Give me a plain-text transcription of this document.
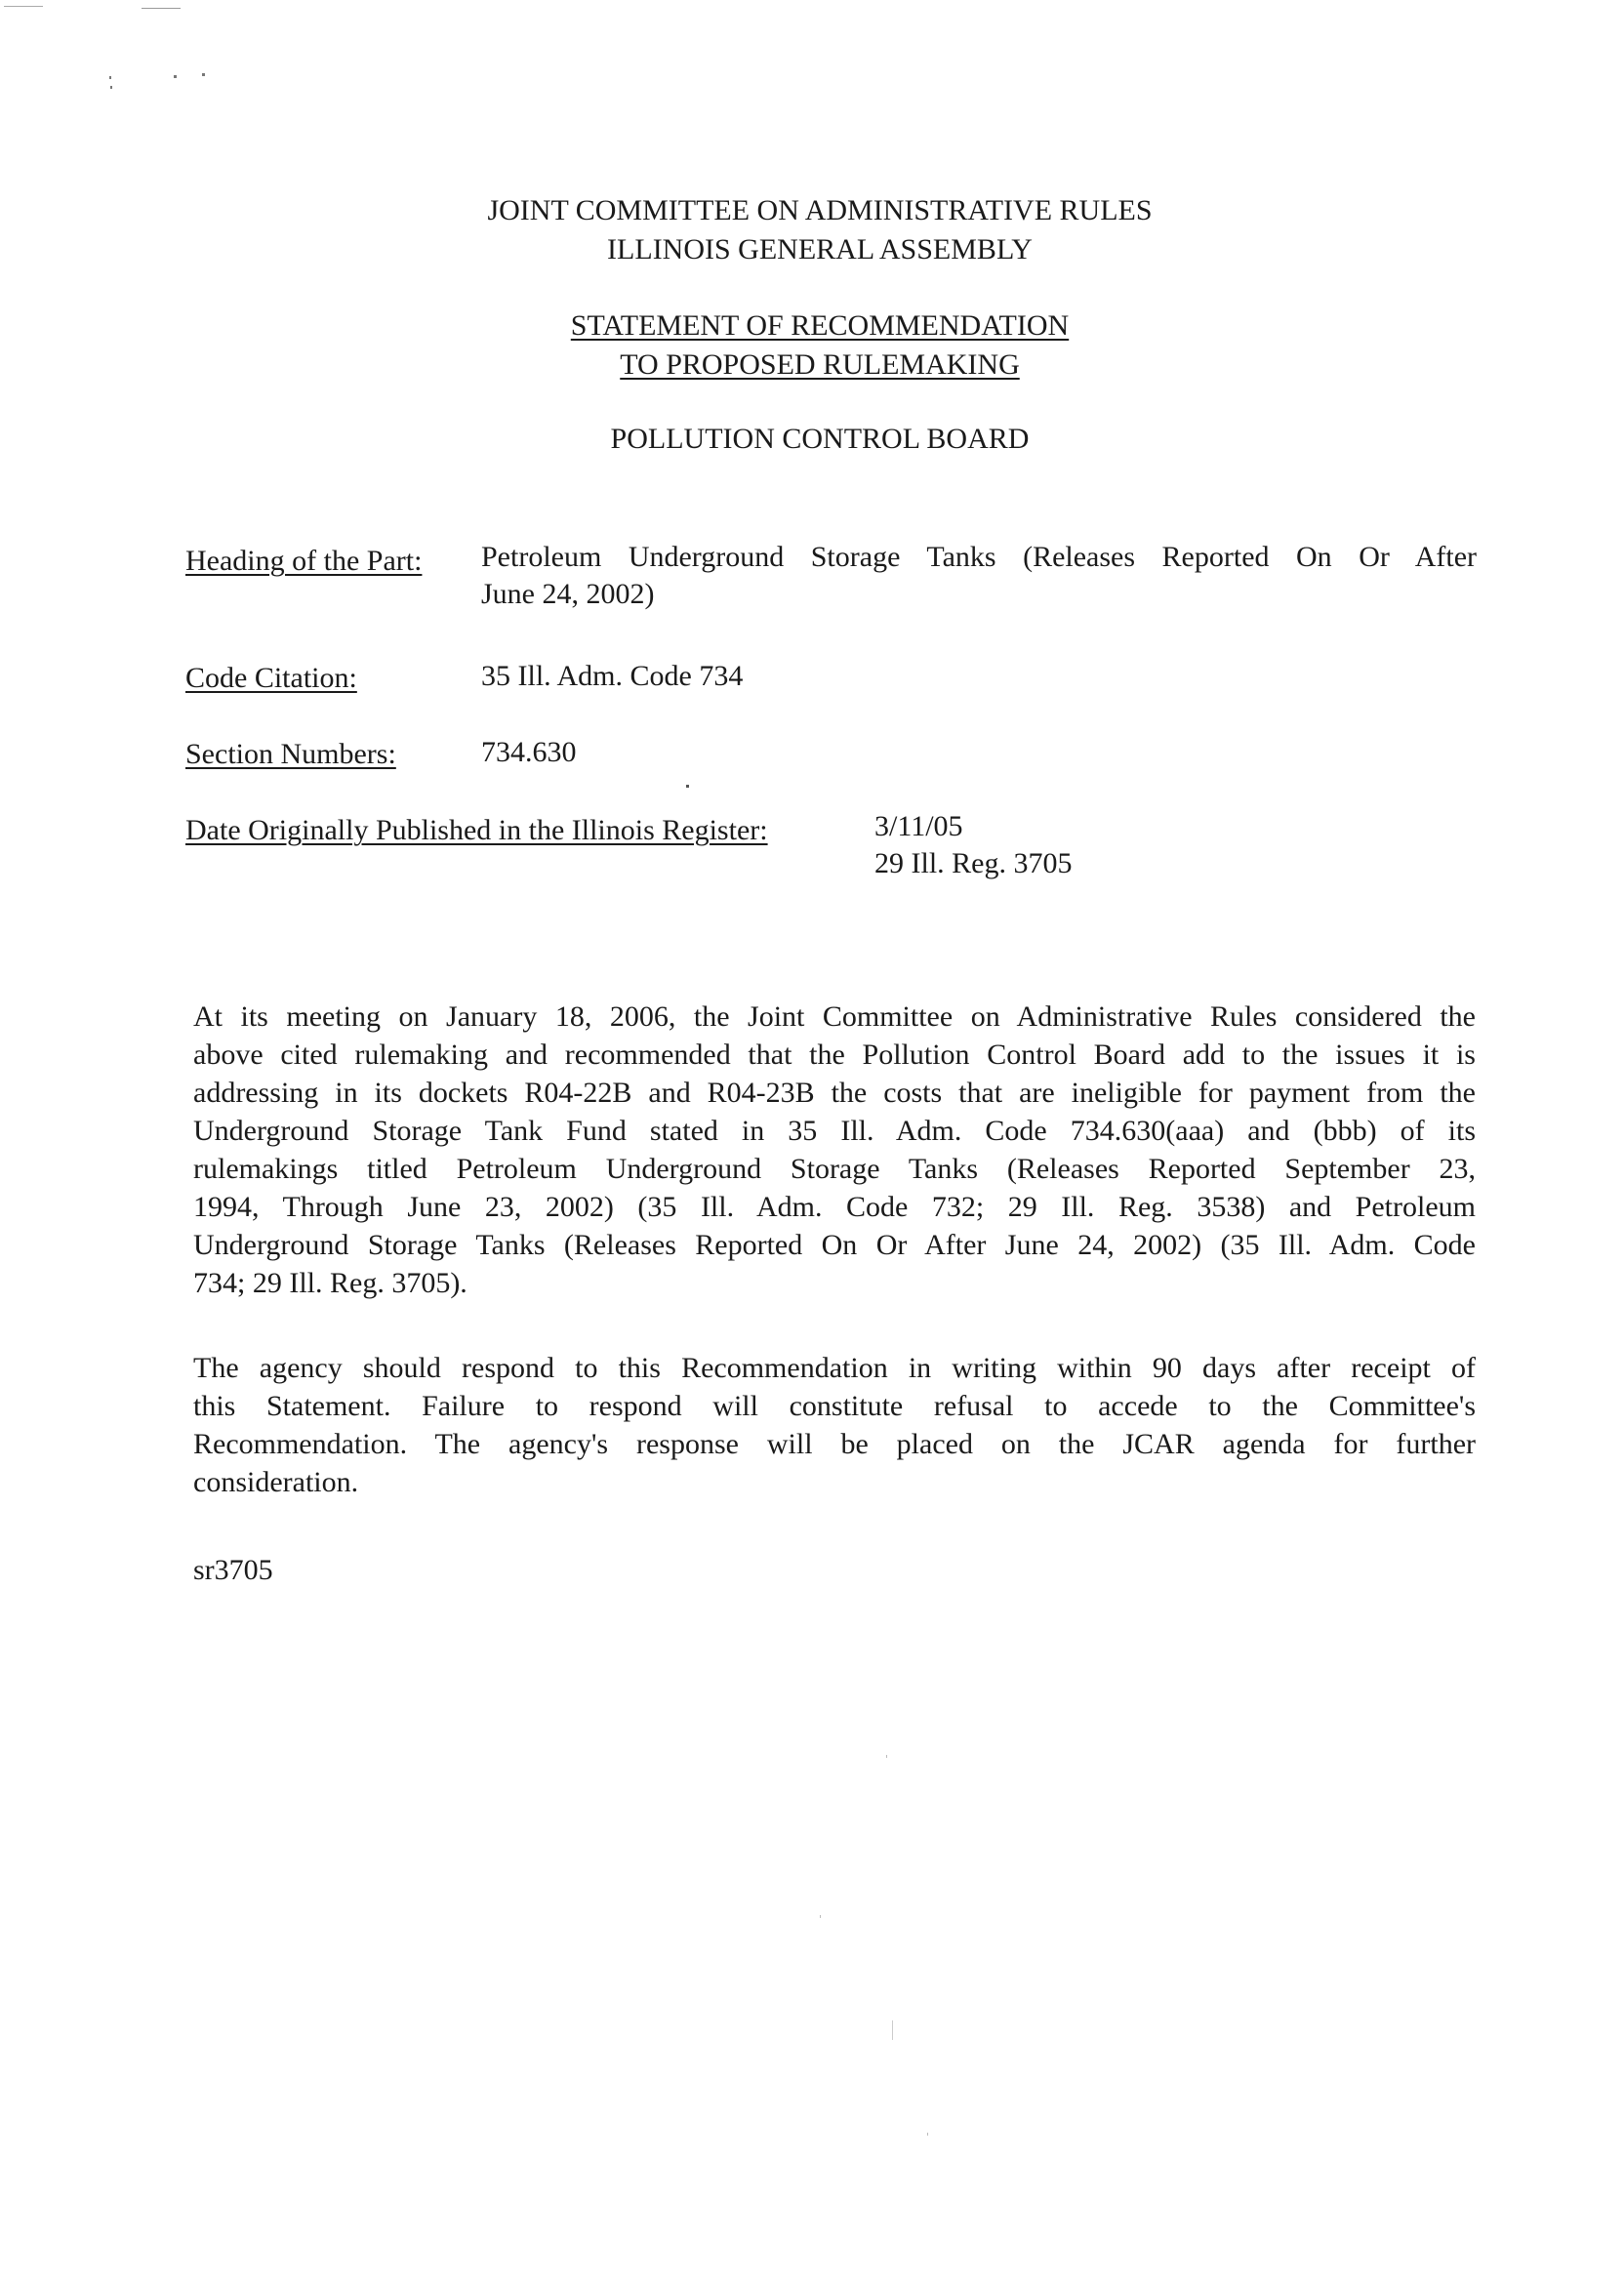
JOINT COMMITTEE ON ADMINISTRATIVE RULES
ILLINOIS GENERAL ASSEMBLY
STATEMENT OF RECOMMENDATION
TO PROPOSED RULEMAKING
POLLUTION CONTROL BOARD
Heading of the Part: Petroleum Underground Storage Tanks (Releases Reported On Or After
June 24, 2002)
Code Citation:	35 Ill. Adm. Code 734
Section Numbers:	734.630
Date Originally Published in the Illinois Register:	3/11/05
29 Ill. Reg. 3705
At its meeting on January 18, 2006, the Joint Committee on Administrative Rules considered the
above cited rulemaking and recommended that the Pollution Control Board add to the issues it is
addressing in its dockets R04-22B and R04-23B the costs that are ineligible for payment from the
Underground Storage Tank Fund stated in 35 Ill. Adm. Code 734.630(aaa) and (bbb) of its
rulemakings titled Petroleum Underground Storage Tanks (Releases Reported September 23,
1994, Through June 23, 2002) (35 Ill. Adm. Code 732; 29 Ill. Reg. 3538) and Petroleum
Underground Storage Tanks (Releases Reported On Or After June 24, 2002) (35 Ill. Adm. Code
734; 29 Ill. Reg. 3705).
The agency should respond to this Recommendation in writing within 90 days after receipt of
this Statement. Failure to respond will constitute refusal to accede to the Committee's
Recommendation. The agency's response will be placed on the JCAR agenda for further
consideration.
sr3705
